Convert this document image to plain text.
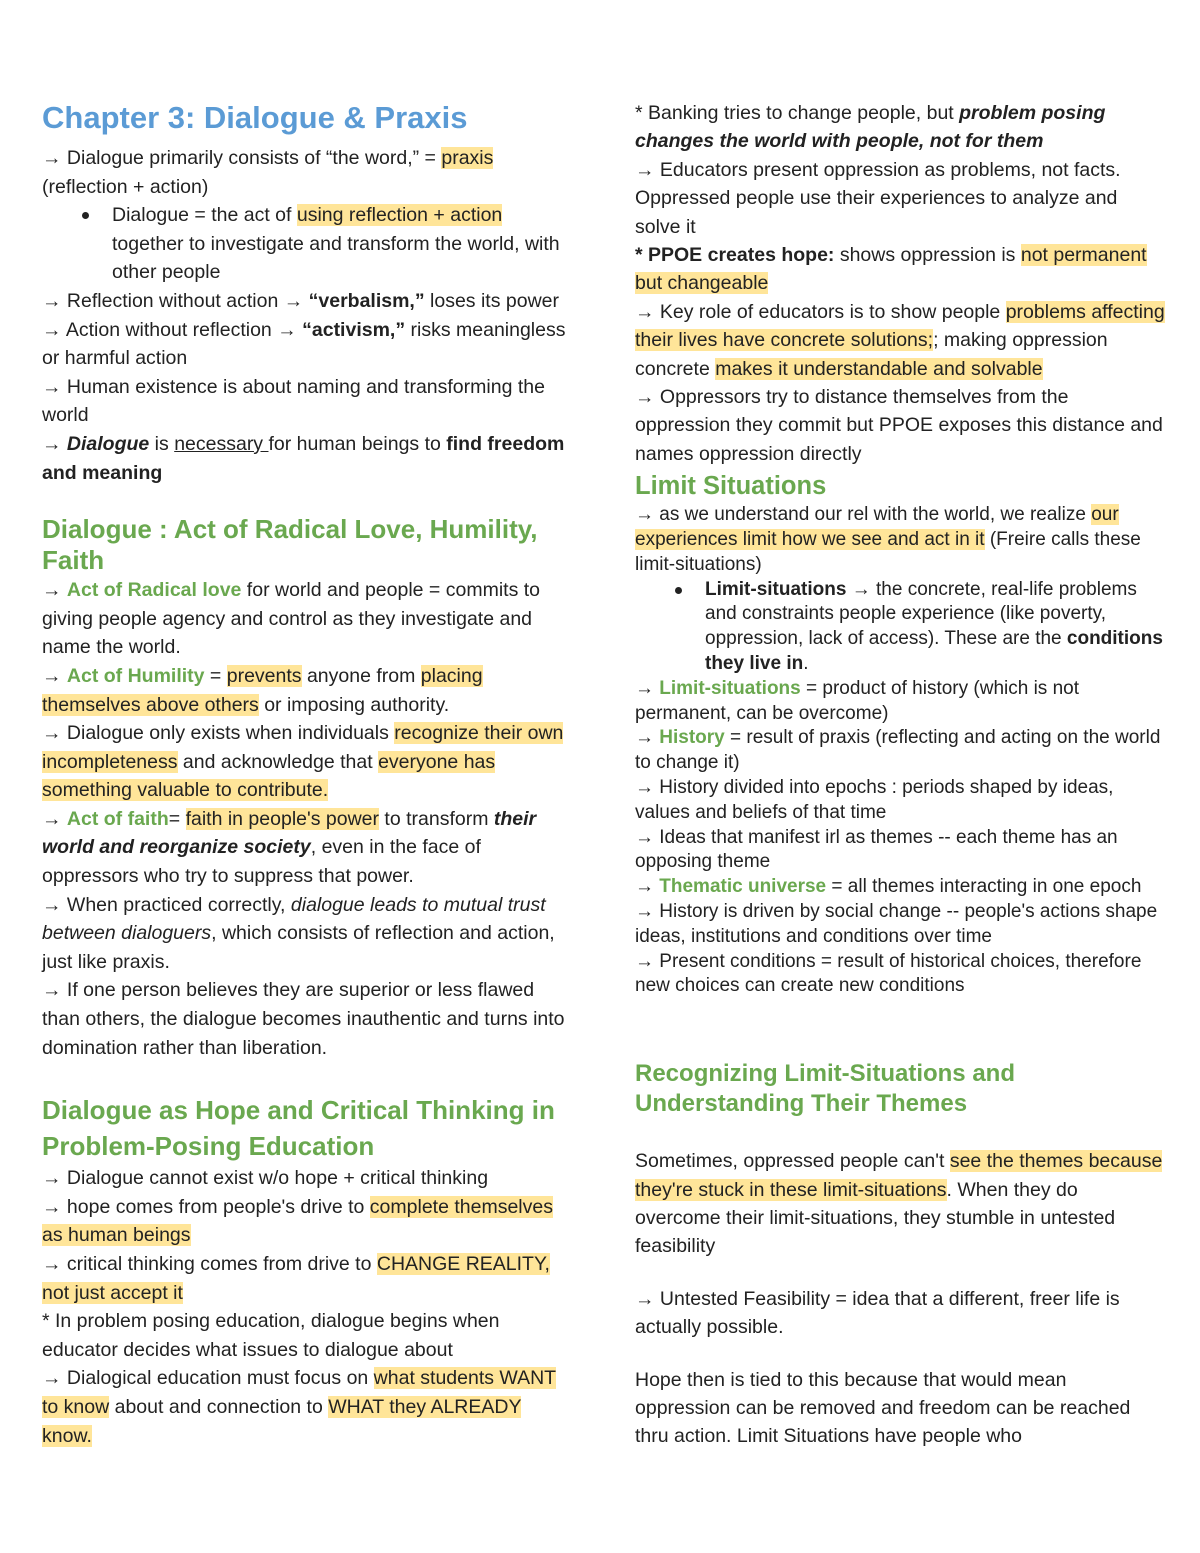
Chapter 3: Dialogue & Praxis

→ Dialogue primarily consists of “the word,” = praxis (reflection + action)

Dialogue = the act of using reflection + action together to investigate and transform the world, with other people

→ Reflection without action → “verbalism,” loses its power

→ Action without reflection → “activism,” risks meaningless or harmful action

→ Human existence is about naming and transforming the world

→ Dialogue is necessary for human beings to find freedom and meaning

Dialogue : Act of Radical Love, Humility, Faith

→ Act of Radical love for world and people = commits to giving people agency and control as they investigate and name the world.

→ Act of Humility = prevents anyone from placing themselves above others or imposing authority.

→ Dialogue only exists when individuals recognize their own incompleteness and acknowledge that everyone has something valuable to contribute.

→ Act of faith= faith in people's power to transform their world and reorganize society, even in the face of oppressors who try to suppress that power.

→ When practiced correctly, dialogue leads to mutual trust between dialoguers, which consists of reflection and action, just like praxis.

→ If one person believes they are superior or less flawed than others, the dialogue becomes inauthentic and turns into domination rather than liberation.

Dialogue as Hope and Critical Thinking in Problem-Posing Education

→ Dialogue cannot exist w/o hope + critical thinking

→ hope comes from people's drive to complete themselves as human beings

→ critical thinking comes from drive to CHANGE REALITY, not just accept it

* In problem posing education, dialogue begins when educator decides what issues to dialogue about

→ Dialogical education must focus on what students WANT to know about and connection to WHAT they ALREADY know.

* Banking tries to change people, but problem posing changes the world with people, not for them

→ Educators present oppression as problems, not facts. Oppressed people use their experiences to analyze and solve it

* PPOE creates hope: shows oppression is not permanent but changeable

→ Key role of educators is to show people problems affecting their lives have concrete solutions;; making oppression concrete makes it understandable and solvable

→ Oppressors try to distance themselves from the oppression they commit but PPOE exposes this distance and names oppression directly

Limit Situations

→ as we understand our rel with the world, we realize our experiences limit how we see and act in it (Freire calls these limit-situations)

Limit-situations → the concrete, real-life problems and constraints people experience (like poverty, oppression, lack of access). These are the conditions they live in.

→ Limit-situations = product of history (which is not permanent, can be overcome)

→ History = result of praxis (reflecting and acting on the world to change it)

→ History divided into epochs : periods shaped by ideas, values and beliefs of that time

→ Ideas that manifest irl as themes -- each theme has an opposing theme

→ Thematic universe = all themes interacting in one epoch

→ History is driven by social change -- people's actions shape ideas, institutions and conditions over time

→ Present conditions = result of historical choices, therefore new choices can create new conditions

Recognizing Limit-Situations and Understanding Their Themes

Sometimes, oppressed people can't see the themes because they're stuck in these limit-situations. When they do overcome their limit-situations, they stumble in untested feasibility

→ Untested Feasibility = idea that a different, freer life is actually possible.

Hope then is tied to this because that would mean oppression can be removed and freedom can be reached thru action. Limit Situations have people who
